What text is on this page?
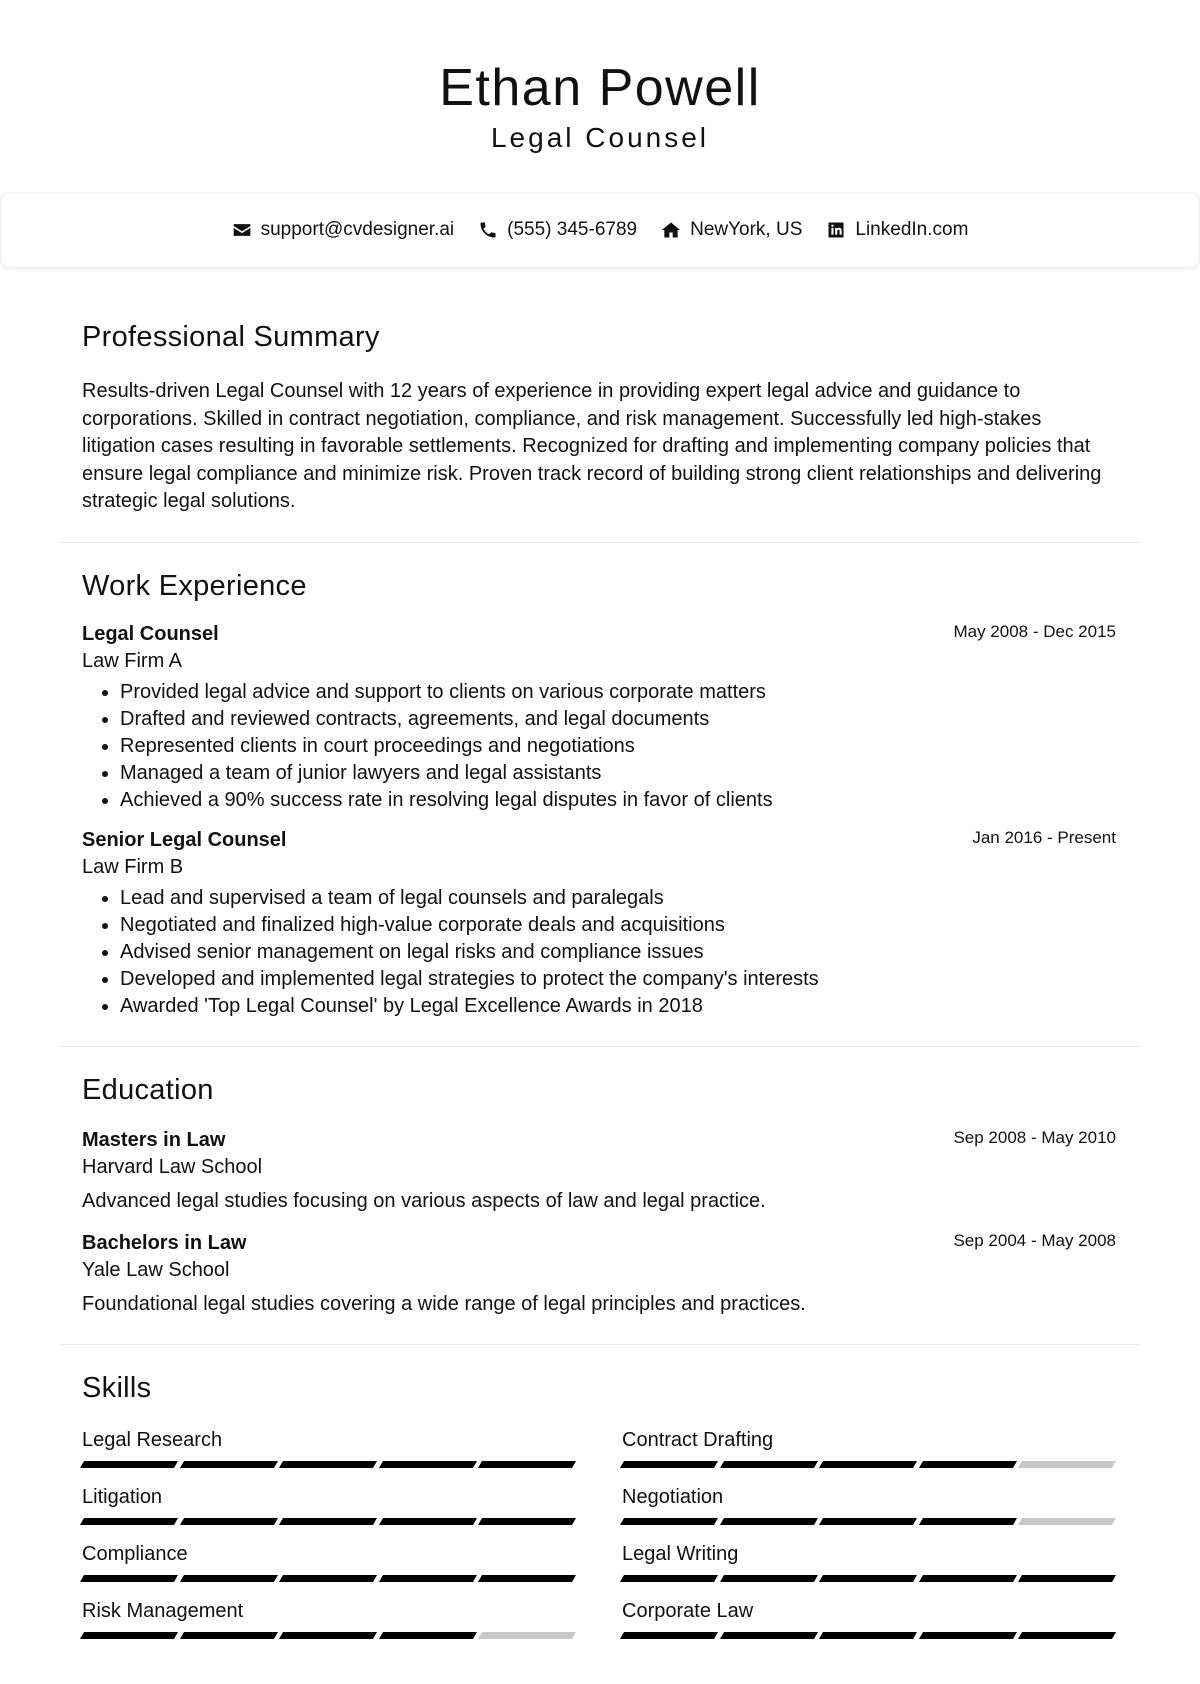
Ethan Powell
Legal Counsel
support@cvdesigner.ai	(555) 345-6789	NewYork, US	LinkedIn.com
Professional Summary

Results-driven Legal Counsel with 12 years of experience in providing expert legal advice and guidance to corporations. Skilled in contract negotiation, compliance, and risk management. Successfully led high-stakes litigation cases resulting in favorable settlements. Recognized for drafting and implementing company policies that ensure legal compliance and minimize risk. Proven track record of building strong client relationships and delivering strategic legal solutions.

Work Experience
Legal Counsel	May 2008 - Dec 2015
Law Firm A
• Provided legal advice and support to clients on various corporate matters
• Drafted and reviewed contracts, agreements, and legal documents
• Represented clients in court proceedings and negotiations
• Managed a team of junior lawyers and legal assistants
• Achieved a 90% success rate in resolving legal disputes in favor of clients
Senior Legal Counsel	Jan 2016 - Present
Law Firm B
• Lead and supervised a team of legal counsels and paralegals
• Negotiated and finalized high-value corporate deals and acquisitions
• Advised senior management on legal risks and compliance issues
• Developed and implemented legal strategies to protect the company's interests
• Awarded 'Top Legal Counsel' by Legal Excellence Awards in 2018
Education
Masters in Law	Sep 2008 - May 2010
Harvard Law School
Advanced legal studies focusing on various aspects of law and legal practice.
Bachelors in Law	Sep 2004 - May 2008
Yale Law School
Foundational legal studies covering a wide range of legal principles and practices.
Skills
Legal Research	Contract Drafting
Litigation	Negotiation
Compliance	Legal Writing
Risk Management	Corporate Law
